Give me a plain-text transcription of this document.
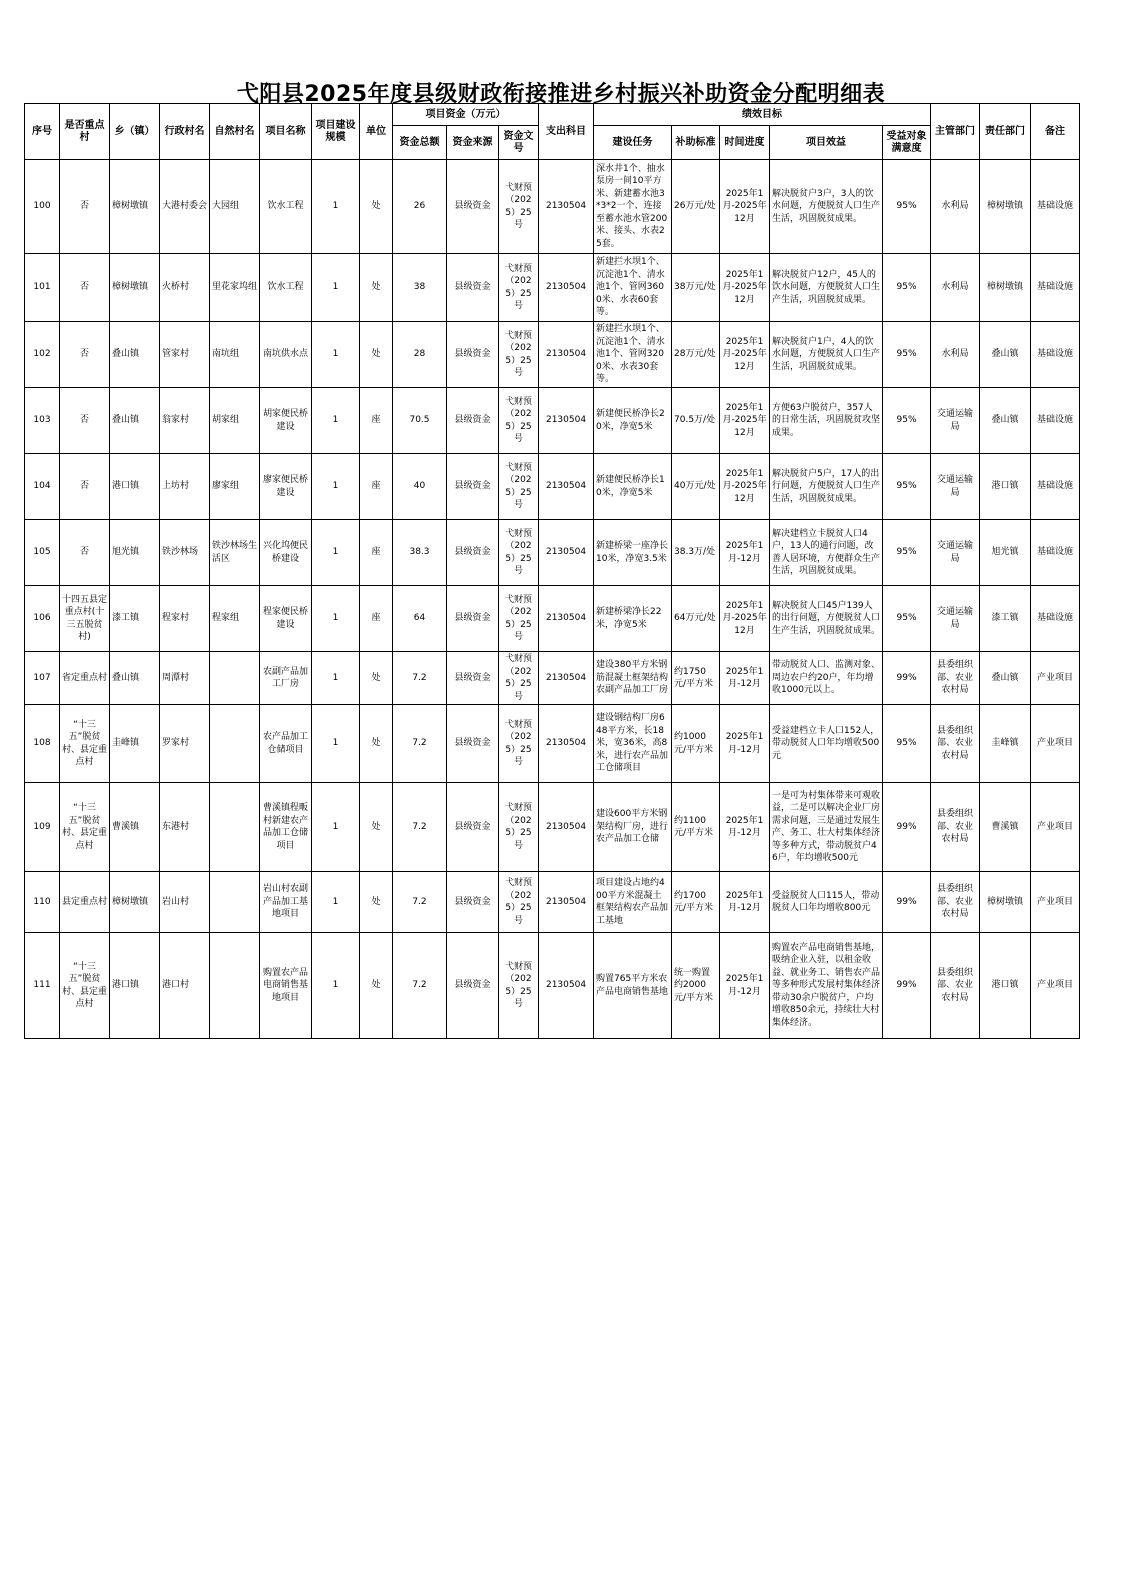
弋阳县2025年度县级财政衔接推进乡村振兴补助资金分配明细表
序号	是否重点村	乡（镇）	行政村名	自然村名	项目名称	项目建设规模	单位	项目资金（万元）			支出科目	绩效目标					主管部门	责任部门	备注
								资金总额	资金来源	资金文号		建设任务	补助标准	时间进度	项目效益	受益对象满意度			
100	否	樟树墩镇	大港村委会	大园组	饮水工程	1	处	26	县级资金	弋财预（2025）25号	2130504	深水井1个、抽水泵房一间10平方米、新建蓄水池3*3*2一个、连接至蓄水池水管200米、接头、水表25套。	26万元/处	2025年1月-2025年12月	解决脱贫户3户，3人的饮水问题，方便脱贫人口生产生活，巩固脱贫成果。	95%	水利局	樟树墩镇	基础设施
101	否	樟树墩镇	火桥村	里花家坞组	饮水工程	1	处	38	县级资金	弋财预（2025）25号	2130504	新建拦水坝1个、沉淀池1个、清水池1个、管网3600米、水表60套等。	38万元/处	2025年1月-2025年12月	解决脱贫户12户，45人的饮水问题，方便脱贫人口生产生活，巩固脱贫成果。	95%	水利局	樟树墩镇	基础设施
102	否	叠山镇	管家村	南坑组	南坑供水点	1	处	28	县级资金	弋财预（2025）25号	2130504	新建拦水坝1个、沉淀池1个、清水池1个、管网3200米、水表30套等。	28万元/处	2025年1月-2025年12月	解决脱贫户1户，4人的饮水问题，方便脱贫人口生产生活，巩固脱贫成果。	95%	水利局	叠山镇	基础设施
103	否	叠山镇	翁家村	胡家组	胡家便民桥建设	1	座	70.5	县级资金	弋财预（2025）25号	2130504	新建便民桥净长20米，净宽5米	70.5万/处	2025年1月-2025年12月	方便63户脱贫户，357人的日常生活，巩固脱贫攻坚成果。	95%	交通运输局	叠山镇	基础设施
104	否	港口镇	上坊村	廖家组	廖家便民桥建设	1	座	40	县级资金	弋财预（2025）25号	2130504	新建便民桥净长10米，净宽5米	40万元/处	2025年1月-2025年12月	解决脱贫户5户，17人的出行问题，方便脱贫人口生产生活，巩固脱贫成果。	95%	交通运输局	港口镇	基础设施
105	否	旭光镇	铁沙林场	铁沙林场生活区	兴化坞便民桥建设	1	座	38.3	县级资金	弋财预（2025）25号	2130504	新建桥梁一座净长10米，净宽3.5米	38.3万/处	2025年1月-12月	解决建档立卡脱贫人口4户，13人的通行问题，改善人居环境，方便群众生产生活，巩固脱贫成果。	95%	交通运输局	旭光镇	基础设施
106	十四五县定重点村(十三五脱贫村)	漆工镇	程家村	程家组	程家便民桥建设	1	座	64	县级资金	弋财预（2025）25号	2130504	新建桥梁净长22米，净宽5米	64万元/处	2025年1月-2025年12月	解决脱贫人口45户139人的出行问题，方便脱贫人口生产生活，巩固脱贫成果。	95%	交通运输局	漆工镇	基础设施
107	省定重点村	叠山镇	周潭村		农副产品加工厂房	1	处	7.2	县级资金	弋财预（2025）25号	2130504	建设380平方米钢筋混凝土框架结构农副产品加工厂房	约1750元/平方米	2025年1月-12月	带动脱贫人口、监测对象、周边农户约20户，年均增收1000元以上。	99%	县委组织部、农业农村局	叠山镇	产业项目
108	“十三五”脱贫村、县定重点村	圭峰镇	罗家村		农产品加工仓储项目	1	处	7.2	县级资金	弋财预（2025）25号	2130504	建设钢结构厂房648平方米，长18米，宽36米，高8米，进行农产品加工仓储项目	约1000元/平方米	2025年1月-12月	受益建档立卡人口152人，带动脱贫人口年均增收500元	95%	县委组织部、农业农村局	圭峰镇	产业项目
109	“十三五”脱贫村、县定重点村	曹溪镇	东港村		曹溪镇程畈村新建农产品加工仓储项目	1	处	7.2	县级资金	弋财预（2025）25号	2130504	建设600平方米钢架结构厂房，进行农产品加工仓储	约1100元/平方米	2025年1月-12月	一是可为村集体带来可观收益，二是可以解决企业厂房需求问题，三是通过发展生产、务工、壮大村集体经济等多种方式，带动脱贫户46户，年均增收500元	99%	县委组织部、农业农村局	曹溪镇	产业项目
110	县定重点村	樟树墩镇	岩山村		岩山村农副产品加工基地项目	1	处	7.2	县级资金	弋财预（2025）25号	2130504	项目建设占地约400平方米混凝土框架结构农产品加工基地	约1700元/平方米	2025年1月-12月	受益脱贫人口115人，带动脱贫人口年均增收800元	99%	县委组织部、农业农村局	樟树墩镇	产业项目
111	“十三五”脱贫村、县定重点村	港口镇	港口村		购置农产品电商销售基地项目	1	处	7.2	县级资金	弋财预（2025）25号	2130504	购置765平方米农产品电商销售基地	统一购置约2000元/平方米	2025年1月-12月	购置农产品电商销售基地，吸纳企业入驻，以租金收益、就业务工、销售农产品等多种形式发展村集体经济带动30余户脱贫户，户均增收850余元，持续壮大村集体经济。	99%	县委组织部、农业农村局	港口镇	产业项目
